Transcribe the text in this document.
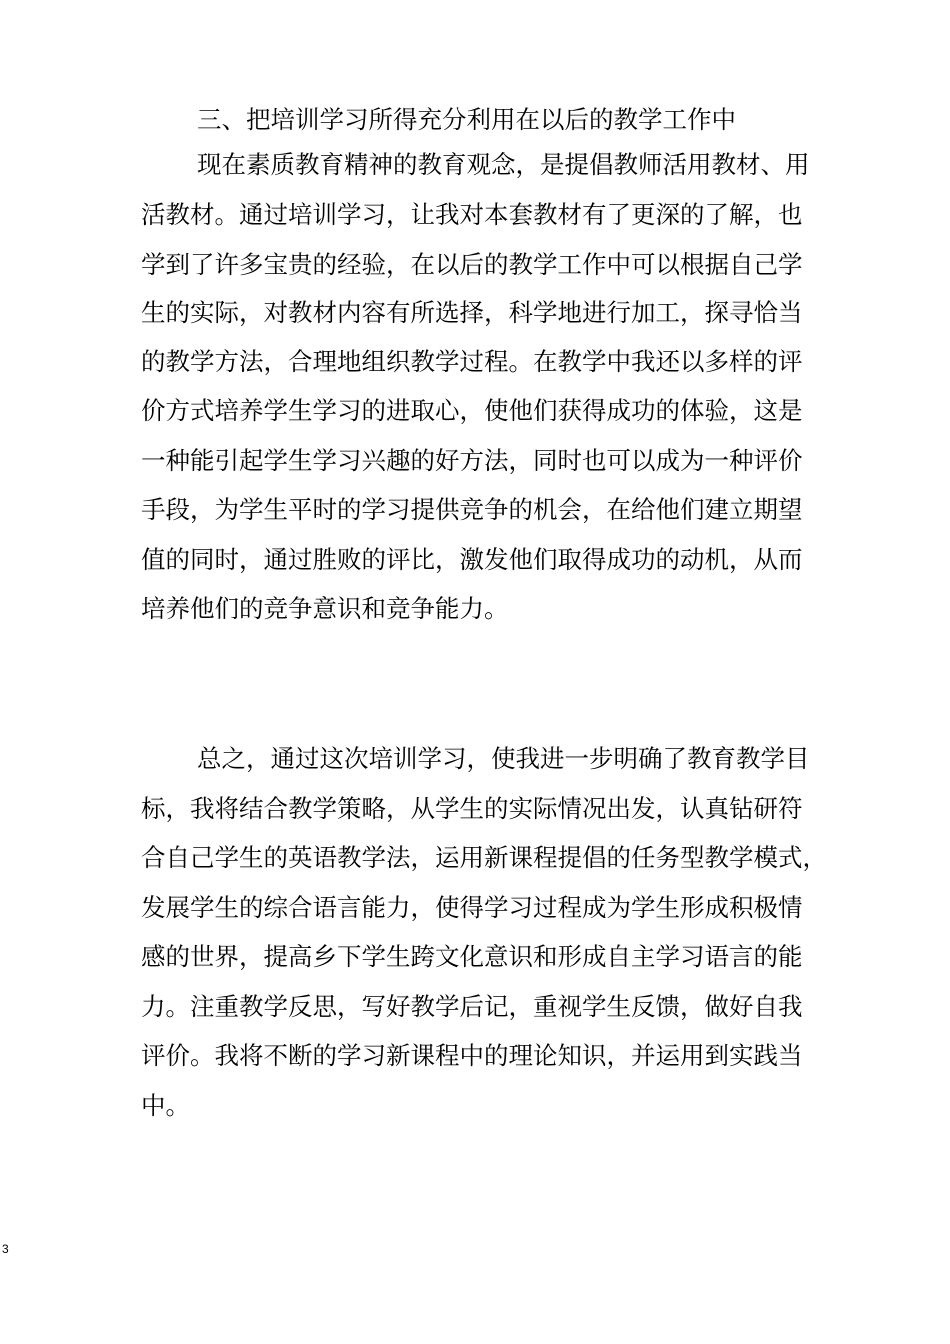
三、把培训学习所得充分利用在以后的教学工作中

现在素质教育精神的教育观念，是提倡教师活用教材、用

活教材。通过培训学习，让我对本套教材有了更深的了解，也

学到了许多宝贵的经验，在以后的教学工作中可以根据自己学

生的实际，对教材内容有所选择，科学地进行加工，探寻恰当

的教学方法，合理地组织教学过程。在教学中我还以多样的评

价方式培养学生学习的进取心，使他们获得成功的体验，这是

一种能引起学生学习兴趣的好方法，同时也可以成为一种评价

手段，为学生平时的学习提供竞争的机会，在给他们建立期望

值的同时，通过胜败的评比，激发他们取得成功的动机，从而

培养他们的竞争意识和竞争能力。

总之，通过这次培训学习，使我进一步明确了教育教学目

标，我将结合教学策略，从学生的实际情况出发，认真钻研符

合自己学生的英语教学法，运用新课程提倡的任务型教学模式，

发展学生的综合语言能力，使得学习过程成为学生形成积极情

感的世界，提高乡下学生跨文化意识和形成自主学习语言的能

力。注重教学反思，写好教学后记，重视学生反馈，做好自我

评价。我将不断的学习新课程中的理论知识，并运用到实践当

中。

3
